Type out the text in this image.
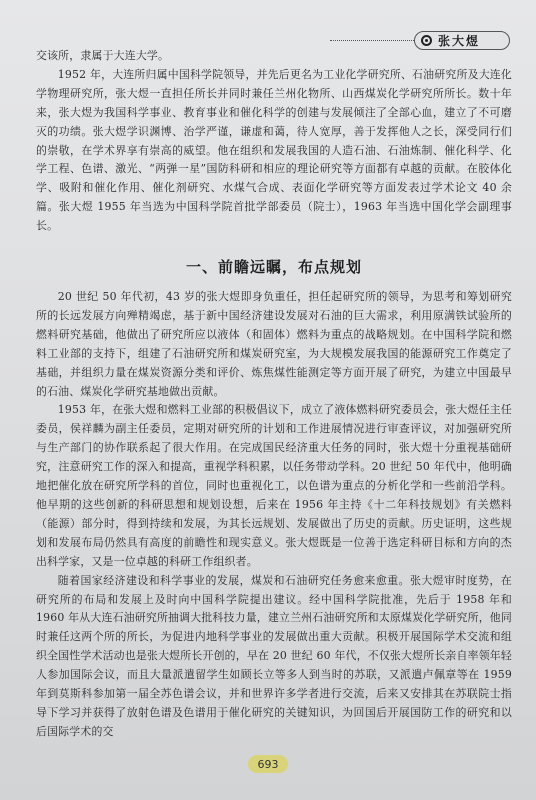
张大煜

交该所，隶属于大连大学。

1952 年，大连所归属中国科学院领导，并先后更名为工业化学研究所、石油研究所及大连化学物理研究所，张大煜一直担任所长并同时兼任兰州化物所、山西煤炭化学研究所所长。数十年来，张大煜为我国科学事业、教育事业和催化科学的创建与发展倾注了全部心血，建立了不可磨灭的功绩。张大煜学识渊博、治学严谨，谦虚和蔼，待人宽厚，善于发挥他人之长，深受同行们的崇敬，在学术界享有崇高的威望。他在组织和发展我国的人造石油、石油炼制、催化科学、化学工程、色谱、激光、“两弹一星”国防科研和相应的理论研究等方面都有卓越的贡献。在胶体化学、吸附和催化作用、催化剂研究、水煤气合成、表面化学研究等方面发表过学术论文 40 余篇。张大煜 1955 年当选为中国科学院首批学部委员（院士），1963 年当选中国化学会副理事长。

一、前瞻远瞩，布点规划

20 世纪 50 年代初，43 岁的张大煜即身负重任，担任起研究所的领导，为思考和筹划研究所的长远发展方向殚精竭虑，基于新中国经济建设发展对石油的巨大需求，利用原满铁试验所的燃料研究基础，他做出了研究所应以液体（和固体）燃料为重点的战略规划。在中国科学院和燃料工业部的支持下，组建了石油研究所和煤炭研究室，为大规模发展我国的能源研究工作奠定了基础，并组织力量在煤炭资源分类和评价、炼焦煤性能测定等方面开展了研究，为建立中国最早的石油、煤炭化学研究基地做出贡献。

1953 年，在张大煜和燃料工业部的积极倡议下，成立了液体燃料研究委员会，张大煜任主任委员，侯祥麟为副主任委员，定期对研究所的计划和工作进展情况进行审查评议，对加强研究所与生产部门的协作联系起了很大作用。在完成国民经济重大任务的同时，张大煜十分重视基础研究，注意研究工作的深入和提高，重视学科积累，以任务带动学科。20 世纪 50 年代中，他明确地把催化放在研究所学科的首位，同时也重视化工，以色谱为重点的分析化学和一些前沿学科。他早期的这些创新的科研思想和规划设想，后来在 1956 年主持《十二年科技规划》有关燃料（能源）部分时，得到持续和发展，为其长远规划、发展做出了历史的贡献。历史证明，这些规划和发展布局仍然具有高度的前瞻性和现实意义。张大煜既是一位善于选定科研目标和方向的杰出科学家，又是一位卓越的科研工作组织者。

随着国家经济建设和科学事业的发展，煤炭和石油研究任务愈来愈重。张大煜审时度势，在研究所的布局和发展上及时向中国科学院提出建议。经中国科学院批准，先后于 1958 年和 1960 年从大连石油研究所抽调大批科技力量，建立兰州石油研究所和太原煤炭化学研究所，他同时兼任这两个所的所长，为促进内地科学事业的发展做出重大贡献。积极开展国际学术交流和组织全国性学术活动也是张大煜所长开创的，早在 20 世纪 60 年代，不仅张大煜所长亲自率领年轻人参加国际会议，而且大量派遣留学生如顾长立等多人到当时的苏联，又派遣卢佩章等在 1959 年到莫斯科参加第一届全苏色谱会议，并和世界许多学者进行交流，后来又安排其在苏联院士指导下学习并获得了放射色谱及色谱用于催化研究的关键知识，为回国后开展国防工作的研究和以后国际学术的交

693
